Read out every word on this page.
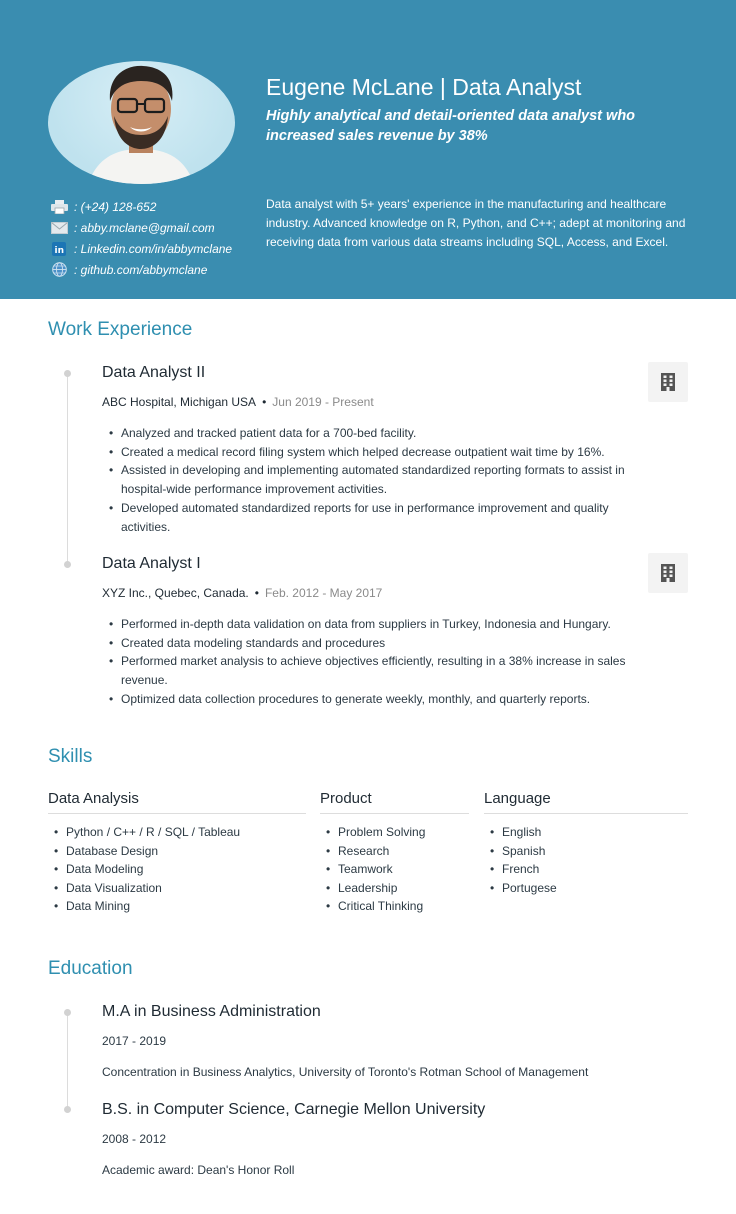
Eugene McLane | Data Analyst
Highly analytical and detail-oriented data analyst who increased sales revenue by 38%
: (+24) 128-652
: abby.mclane@gmail.com
in : Linkedin.com/in/abbymclane
: github.com/abbymclane
Data analyst with 5+ years' experience in the manufacturing and healthcare industry. Advanced knowledge on R, Python, and C++; adept at monitoring and receiving data from various data streams including SQL, Access, and Excel.
Work Experience
Data Analyst II
ABC Hospital, Michigan USA • Jun 2019 - Present
• Analyzed and tracked patient data for a 700-bed facility.
• Created a medical record filing system which helped decrease outpatient wait time by 16%.
• Assisted in developing and implementing automated standardized reporting formats to assist in hospital-wide performance improvement activities.
• Developed automated standardized reports for use in performance improvement and quality activities.
Data Analyst I
XYZ Inc., Quebec, Canada. • Feb. 2012 - May 2017
• Performed in-depth data validation on data from suppliers in Turkey, Indonesia and Hungary.
• Created data modeling standards and procedures
• Performed market analysis to achieve objectives efficiently, resulting in a 38% increase in sales revenue.
• Optimized data collection procedures to generate weekly, monthly, and quarterly reports.
Skills
Data Analysis
• Python / C++ / R / SQL / Tableau
• Database Design
• Data Modeling
• Data Visualization
• Data Mining
Product
• Problem Solving
• Research
• Teamwork
• Leadership
• Critical Thinking
Language
• English
• Spanish
• French
• Portugese
Education
M.A in Business Administration
2017 - 2019
Concentration in Business Analytics, University of Toronto's Rotman School of Management
B.S. in Computer Science, Carnegie Mellon University
2008 - 2012
Academic award: Dean's Honor Roll
